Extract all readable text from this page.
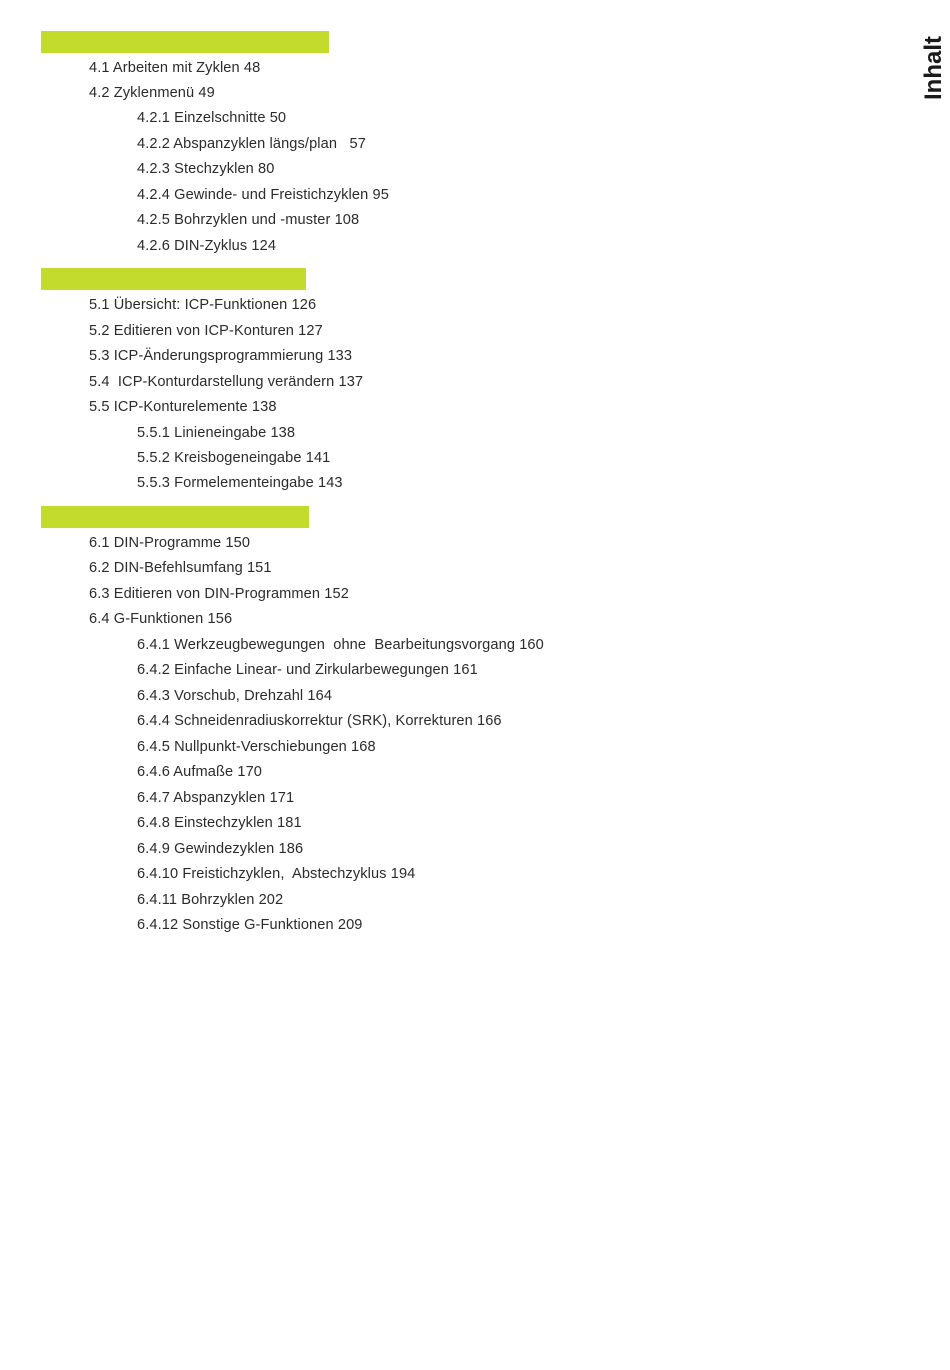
Inhalt
4.1 Arbeiten mit Zyklen 48
4.2 Zyklenmenü 49
4.2.1 Einzelschnitte 50
4.2.2 Abspanzyklen längs/plan   57
4.2.3 Stechzyklen 80
4.2.4 Gewinde- und Freistichzyklen 95
4.2.5 Bohrzyklen und -muster 108
4.2.6 DIN-Zyklus 124
5.1 Übersicht: ICP-Funktionen 126
5.2 Editieren von ICP-Konturen 127
5.3 ICP-Änderungsprogrammierung 133
5.4  ICP-Konturdarstellung verändern 137
5.5 ICP-Konturelemente 138
5.5.1 Linieneingabe 138
5.5.2 Kreisbogeneingabe 141
5.5.3 Formelementeingabe 143
6.1 DIN-Programme 150
6.2 DIN-Befehlsumfang 151
6.3 Editieren von DIN-Programmen 152
6.4 G-Funktionen 156
6.4.1 Werkzeugbewegungen  ohne  Bearbeitungsvorgang 160
6.4.2 Einfache Linear- und Zirkularbewegungen 161
6.4.3 Vorschub, Drehzahl 164
6.4.4 Schneidenradiuskorrektur (SRK), Korrekturen 166
6.4.5 Nullpunkt-Verschiebungen 168
6.4.6 Aufmaße 170
6.4.7 Abspanzyklen 171
6.4.8 Einstechzyklen 181
6.4.9 Gewindezyklen 186
6.4.10 Freistichzyklen,  Abstechzyklus 194
6.4.11 Bohrzyklen 202
6.4.12 Sonstige G-Funktionen 209
